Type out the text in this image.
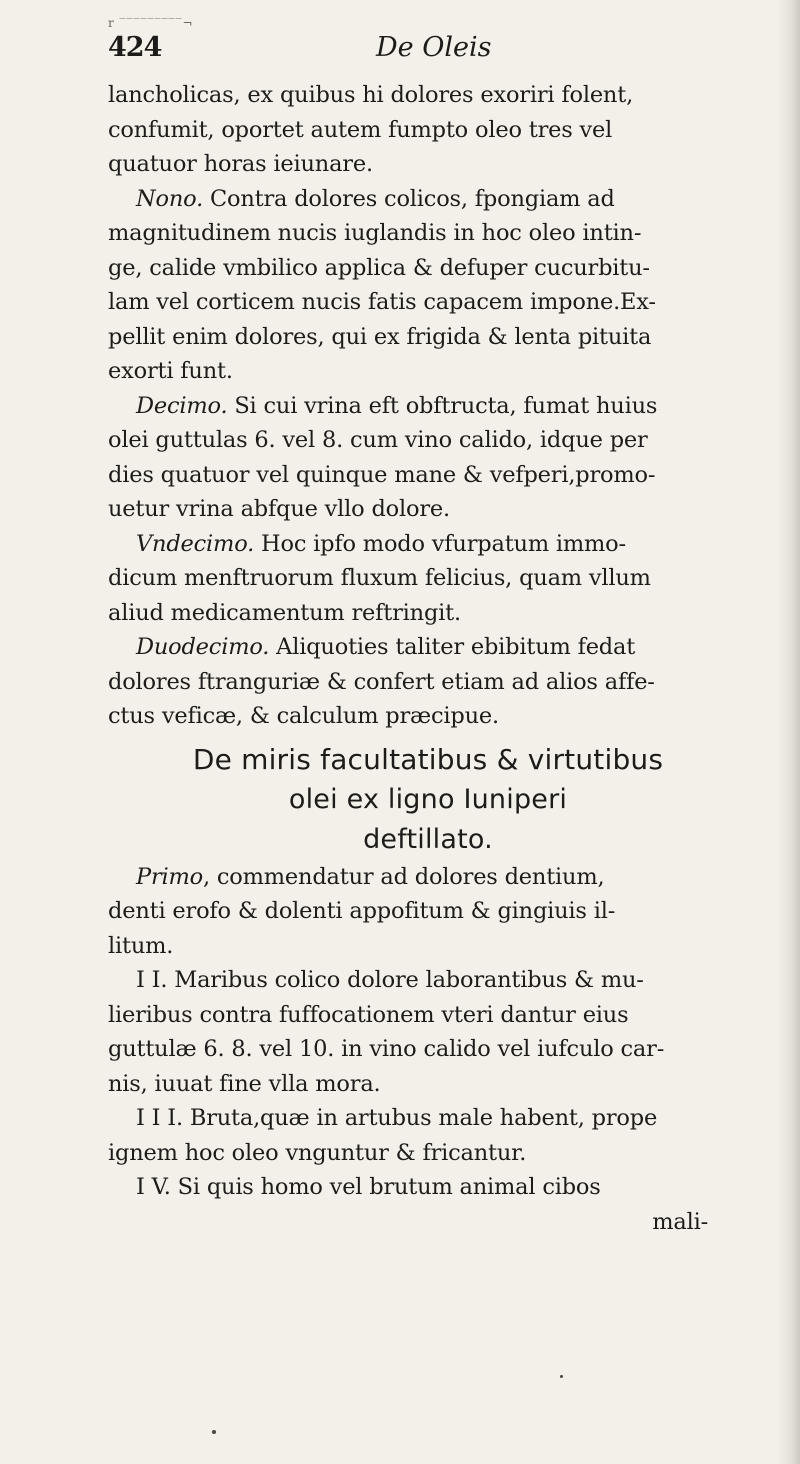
r ‾‾‾‾‾‾‾‾‾¬
424	De Oleis
lancholicas, ex quibus hi dolores exoriri folent,
confumit, oportet autem fumpto oleo tres vel
quatuor horas ieiunare.
Nono. Contra dolores colicos, fpongiam ad
magnitudinem nucis iuglandis in hoc oleo intin-
ge, calide vmbilico applica & defuper cucurbitu-
lam vel corticem nucis fatis capacem impone.Ex-
pellit enim dolores, qui ex frigida & lenta pituita
exorti funt.
Decimo. Si cui vrina eft obftructa, fumat huius
olei guttulas 6. vel 8. cum vino calido, idque per
dies quatuor vel quinque mane & vefperi,promo-
uetur vrina abfque vllo dolore.
Vndecimo. Hoc ipfo modo vfurpatum immo-
dicum menftruorum fluxum felicius, quam vllum
aliud medicamentum reftringit.
Duodecimo. Aliquoties taliter ebibitum fedat
dolores ftranguriæ & confert etiam ad alios affe-
ctus veficæ, & calculum præcipue.
De miris facultatibus & virtutibus
olei ex ligno Iuniperi
deftillato.
Primo, commendatur ad dolores dentium,
denti erofo & dolenti appofitum & gingiuis il-
litum.
I I. Maribus colico dolore laborantibus & mu-
lieribus contra fuffocationem vteri dantur eius
guttulæ 6. 8. vel 10. in vino calido vel iufculo car-
nis, iuuat fine vlla mora.
I I I. Bruta,quæ in artubus male habent, prope
ignem hoc oleo vnguntur & fricantur.
I V. Si quis homo vel brutum animal cibos
mali-
